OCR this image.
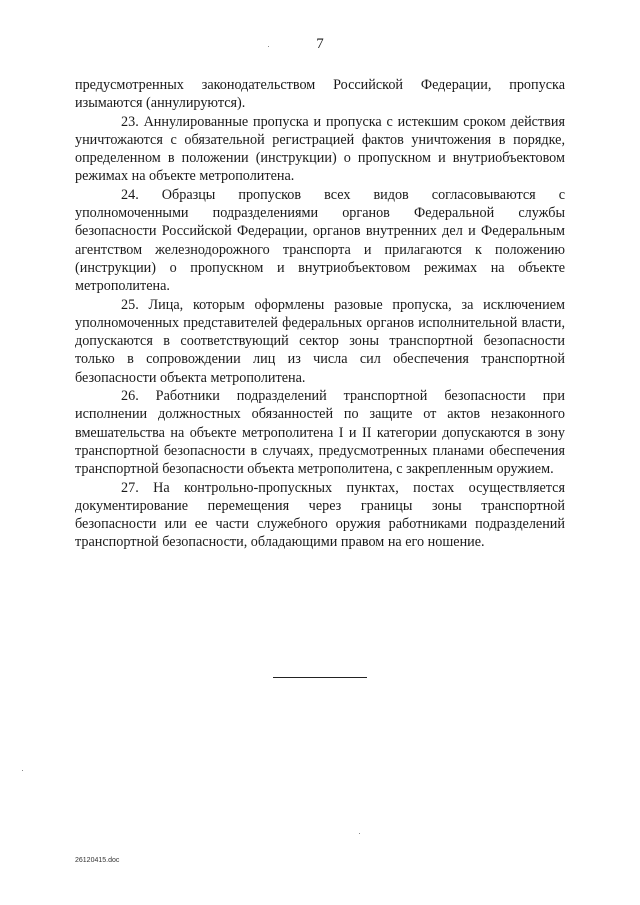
7

предусмотренных законодательством Российской Федерации, пропуска изымаются (аннулируются).

23. Аннулированные пропуска и пропуска с истекшим сроком действия уничтожаются с обязательной регистрацией фактов уничтожения в порядке, определенном в положении (инструкции) о пропускном и внутриобъектовом режимах на объекте метрополитена.

24. Образцы пропусков всех видов согласовываются с уполномоченными подразделениями органов Федеральной службы безопасности Российской Федерации, органов внутренних дел и Федеральным агентством железнодорожного транспорта и прилагаются к положению (инструкции) о пропускном и внутриобъектовом режимах на объекте метрополитена.

25. Лица, которым оформлены разовые пропуска, за исключением уполномоченных представителей федеральных органов исполнительной власти, допускаются в соответствующий сектор зоны транспортной безопасности только в сопровождении лиц из числа сил обеспечения транспортной безопасности объекта метрополитена.

26. Работники подразделений транспортной безопасности при исполнении должностных обязанностей по защите от актов незаконного вмешательства на объекте метрополитена I и II категории допускаются в зону транспортной безопасности в случаях, предусмотренных планами обеспечения транспортной безопасности объекта метрополитена, с закрепленным оружием.

27. На контрольно-пропускных пунктах, постах осуществляется документирование перемещения через границы зоны транспортной безопасности или ее части служебного оружия работниками подразделений транспортной безопасности, обладающими правом на его ношение.

26120415.doc
